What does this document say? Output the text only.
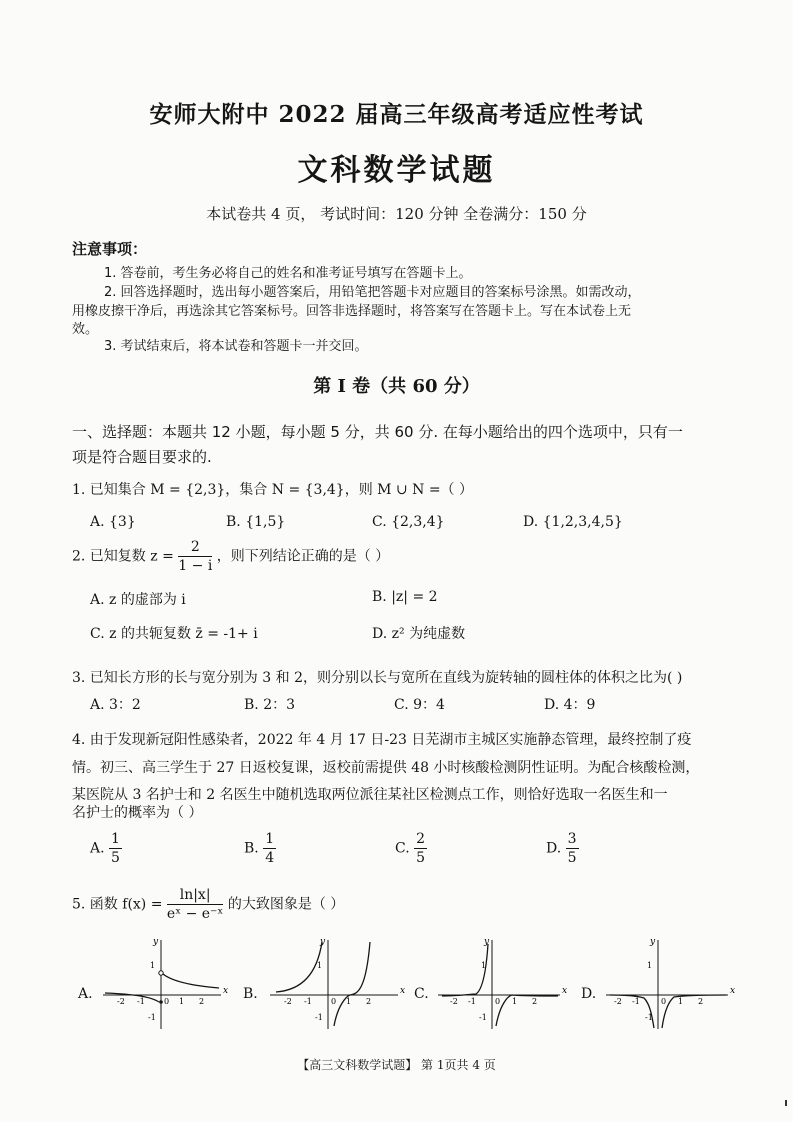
安师大附中 2022 届高三年级高考适应性考试
文科数学试题
本试卷共 4 页， 考试时间：120 分钟 全卷满分：150 分
注意事项：
1. 答卷前，考生务必将自己的姓名和准考证号填写在答题卡上。
2. 回答选择题时，选出每小题答案后，用铅笔把答题卡对应题目的答案标号涂黑。如需改动，
用橡皮擦干净后，再选涂其它答案标号。回答非选择题时，将答案写在答题卡上。写在本试卷上无
效。
3. 考试结束后，将本试卷和答题卡一并交回。
第 I 卷（共 60 分）
一、选择题：本题共 12 小题，每小题 5 分，共 60 分. 在每小题给出的四个选项中，只有一
项是符合题目要求的.
1. 已知集合 M = {2,3}，集合 N = {3,4}，则 M ∪ N =（ ）
A. {3}	B. {1,5}	C. {2,3,4}	D. {1,2,3,4,5}
2. 已知复数 $z = \frac{2}{1 - i}$ ，则下列结论正确的是（ ）
A. z 的虚部为 i	B. |z| = 2
C. z 的共轭复数 z̄ = -1+ i	D. z² 为纯虚数
3. 已知长方形的长与宽分别为 3 和 2，则分别以长与宽所在直线为旋转轴的圆柱体的体积之比为( )
A. 3：2	B. 2：3	C. 9：4	D. 4：9
4. 由于发现新冠阳性感染者，2022 年 4 月 17 日-23 日芜湖市主城区实施静态管理，最终控制了疫
情。初三、高三学生于 27 日返校复课，返校前需提供 48 小时核酸检测阴性证明。为配合核酸检测，
某医院从 3 名护士和 2 名医生中随机选取两位派往某社区检测点工作，则恰好选取一名医生和一
名护士的概率为（ ）
A. $\frac{1}{5}$	B. $\frac{1}{4}$	C. $\frac{2}{5}$	D. $\frac{3}{5}$
5. 函数 $f(x) = \frac{\ln|x|}{\text{eˣ − e⁻ˣ}}$ 的大致图象是（ ）
A.	B.	C.	D.
x
y
1
-1
-2 -1 0 1 2
x
y
1
-1
-2 -1 0 1 2
x
y
1
-1
-2 -1 0 1 2
x
y
1
-1
-2 -1	0 1 2
【高三文科数学试题】 第 1页共 4 页
